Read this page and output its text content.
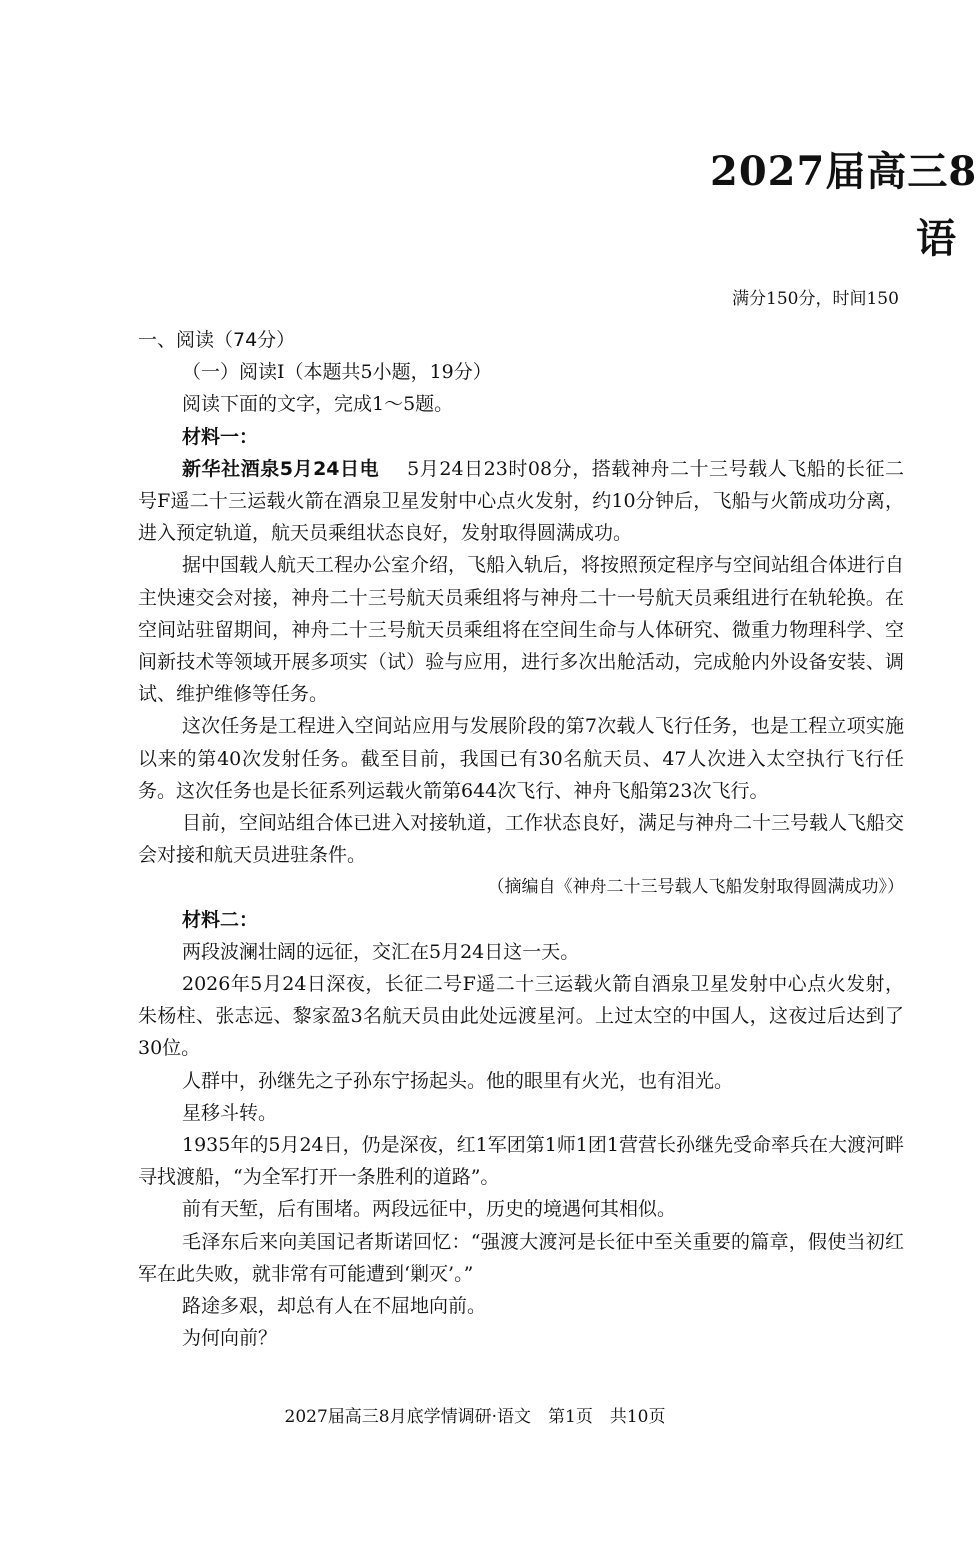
2027届高三8
语
满分150分，时间150

一、阅读（74分）

（一）阅读Ⅰ（本题共5小题，19分）

阅读下面的文字，完成1～5题。

材料一：

新华社酒泉5月24日电 5月24日23时08分，搭载神舟二十三号载人飞船的长征二号F遥二十三运载火箭在酒泉卫星发射中心点火发射，约10分钟后，飞船与火箭成功分离，进入预定轨道，航天员乘组状态良好，发射取得圆满成功。

据中国载人航天工程办公室介绍，飞船入轨后，将按照预定程序与空间站组合体进行自主快速交会对接，神舟二十三号航天员乘组将与神舟二十一号航天员乘组进行在轨轮换。在空间站驻留期间，神舟二十三号航天员乘组将在空间生命与人体研究、微重力物理科学、空间新技术等领域开展多项实（试）验与应用，进行多次出舱活动，完成舱内外设备安装、调试、维护维修等任务。

这次任务是工程进入空间站应用与发展阶段的第7次载人飞行任务，也是工程立项实施以来的第40次发射任务。截至目前，我国已有30名航天员、47人次进入太空执行飞行任务。这次任务也是长征系列运载火箭第644次飞行、神舟飞船第23次飞行。

目前，空间站组合体已进入对接轨道，工作状态良好，满足与神舟二十三号载人飞船交会对接和航天员进驻条件。

（摘编自《神舟二十三号载人飞船发射取得圆满成功》）

材料二：

两段波澜壮阔的远征，交汇在5月24日这一天。

2026年5月24日深夜，长征二号F遥二十三运载火箭自酒泉卫星发射中心点火发射，朱杨柱、张志远、黎家盈3名航天员由此处远渡星河。上过太空的中国人，这夜过后达到了30位。

人群中，孙继先之子孙东宁扬起头。他的眼里有火光，也有泪光。

星移斗转。

1935年的5月24日，仍是深夜，红1军团第1师1团1营营长孙继先受命率兵在大渡河畔寻找渡船，“为全军打开一条胜利的道路”。

前有天堑，后有围堵。两段远征中，历史的境遇何其相似。

毛泽东后来向美国记者斯诺回忆：“强渡大渡河是长征中至关重要的篇章，假使当初红军在此失败，就非常有可能遭到‘剿灭’。”

路途多艰，却总有人在不屈地向前。

为何向前？

2027届高三8月底学情调研·语文　第1页　共10页
